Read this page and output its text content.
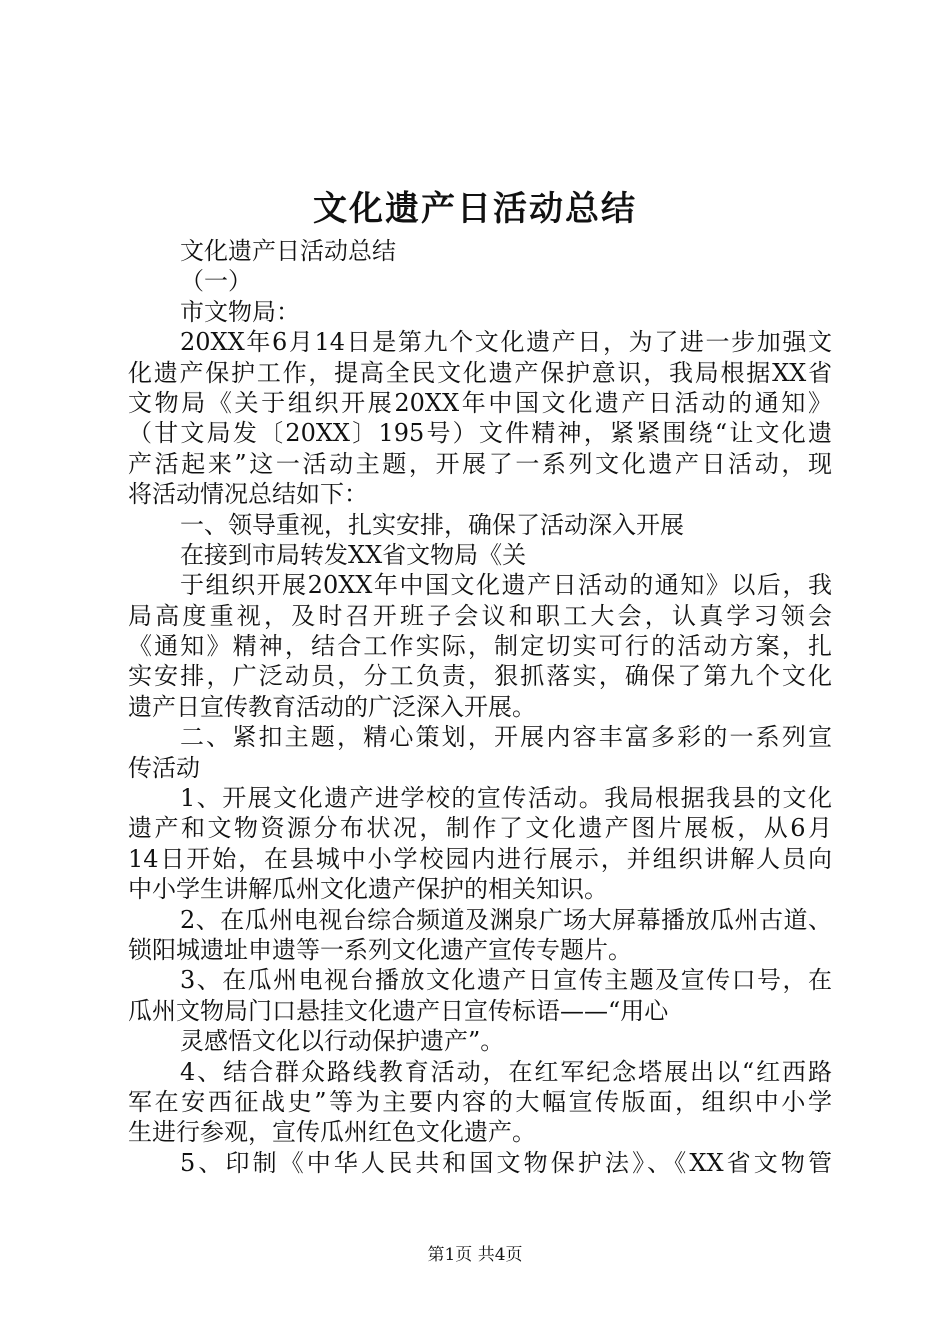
文化遗产日活动总结
文化遗产日活动总结
（一）
市文物局：
20XX年6月14日是第九个文化遗产日，为了进一步加强文
化遗产保护工作，提高全民文化遗产保护意识，我局根据XX省
文物局《关于组织开展20XX年中国文化遗产日活动的通知》
（甘文局发〔20XX〕195号）文件精神，紧紧围绕“让文化遗
产活起来”这一活动主题，开展了一系列文化遗产日活动，现
将活动情况总结如下：
一、领导重视，扎实安排，确保了活动深入开展
在接到市局转发XX省文物局《关
于组织开展20XX年中国文化遗产日活动的通知》以后，我
局高度重视，及时召开班子会议和职工大会，认真学习领会
《通知》精神，结合工作实际，制定切实可行的活动方案，扎
实安排，广泛动员，分工负责，狠抓落实，确保了第九个文化
遗产日宣传教育活动的广泛深入开展。
二、紧扣主题，精心策划，开展内容丰富多彩的一系列宣
传活动
1、开展文化遗产进学校的宣传活动。我局根据我县的文化
遗产和文物资源分布状况，制作了文化遗产图片展板，从6月
14日开始，在县城中小学校园内进行展示，并组织讲解人员向
中小学生讲解瓜州文化遗产保护的相关知识。
2、在瓜州电视台综合频道及渊泉广场大屏幕播放瓜州古道、
锁阳城遗址申遗等一系列文化遗产宣传专题片。
3、在瓜州电视台播放文化遗产日宣传主题及宣传口号，在
瓜州文物局门口悬挂文化遗产日宣传标语——“用心
灵感悟文化以行动保护遗产”。
4、结合群众路线教育活动，在红军纪念塔展出以“红西路
军在安西征战史”等为主要内容的大幅宣传版面，组织中小学
生进行参观，宣传瓜州红色文化遗产。
5、印制《中华人民共和国文物保护法》、《XX省文物管
第1页 共4页
